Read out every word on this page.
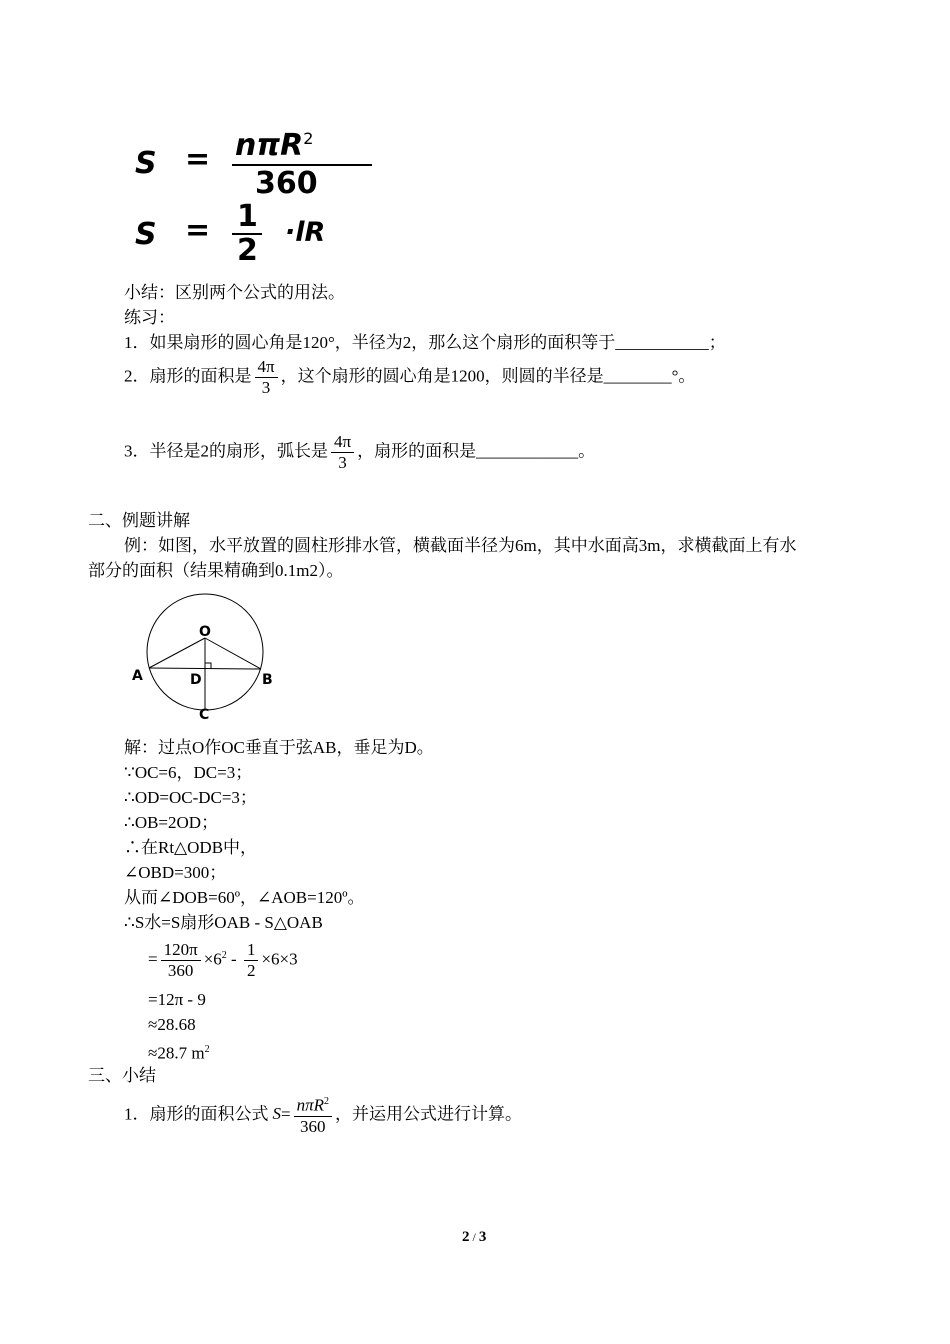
S = nπR$^2$
360
S = 1
2
·lR
小结：区别两个公式的用法。
练习：
1．如果扇形的圆心角是120°，半径为2，那么这个扇形的面积等于___________；
2．扇形的面积是 $\frac{4\pi}{3}$ ，这个扇形的圆心角是1200，则圆的半径是________°。
3．半径是2的扇形，弧长是 $\frac{4\pi}{3}$ ，扇形的面积是____________。
二、例题讲解
例：如图，水平放置的圆柱形排水管，横截面半径为6m，其中水面高3m，求横截面上有水
部分的面积（结果精确到0.1m2）。
O
A	B
C
D
解：过点O作OC垂直于弦AB，垂足为D。
∵OC=6，DC=3；
∴OD=OC-DC=3；
∴OB=2OD；
∴在Rt△ODB中，
∠OBD=300；
从而∠DOB=60º，∠AOB=120º。
∴S水=S扇形OAB - S△OAB
= $\frac{120\pi}{360} \times 6^2 - \frac{1}{2} \times 6\times 3$
=12π - 9
≈28.68
≈28.7 $m^2$
三、小结
1．扇形的面积公式 $S= \frac{n\pi R^2}{360}$ ，并运用公式进行计算。
2 / 3
